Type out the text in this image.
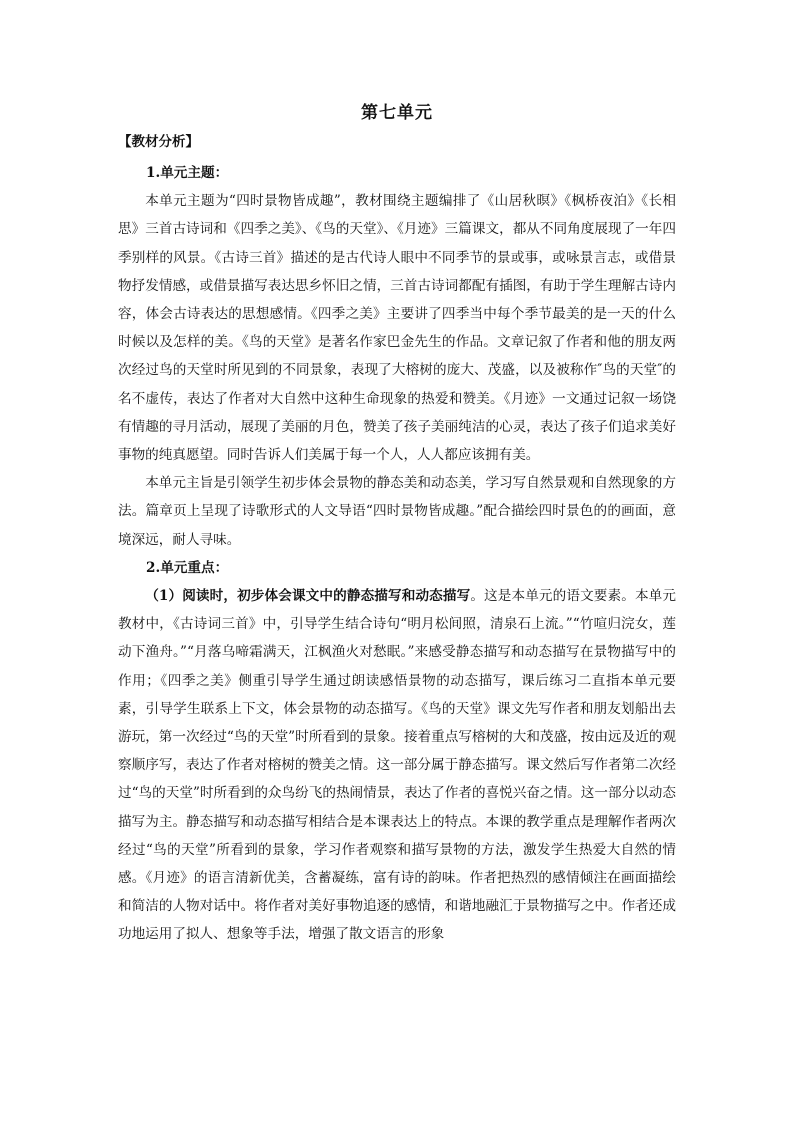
第七单元
【教材分析】

1.单元主题：

本单元主题为“四时景物皆成趣”，教材围绕主题编排了《山居秋暝》《枫桥夜泊》《长相思》三首古诗词和《四季之美》、《鸟的天堂》、《月迹》三篇课文，都从不同角度展现了一年四季别样的风景。《古诗三首》描述的是古代诗人眼中不同季节的景或事，或咏景言志，或借景物抒发情感，或借景描写表达思乡怀旧之情，三首古诗词都配有插图，有助于学生理解古诗内容，体会古诗表达的思想感情。《四季之美》主要讲了四季当中每个季节最美的是一天的什么时候以及怎样的美。《鸟的天堂》是著名作家巴金先生的作品。文章记叙了作者和他的朋友两次经过鸟的天堂时所见到的不同景象，表现了大榕树的庞大、茂盛，以及被称作″鸟的天堂″的名不虚传，表达了作者对大自然中这种生命现象的热爱和赞美。《月迹》一文通过记叙一场饶有情趣的寻月活动，展现了美丽的月色，赞美了孩子美丽纯洁的心灵，表达了孩子们追求美好事物的纯真愿望。同时告诉人们美属于每一个人，人人都应该拥有美。

本单元主旨是引领学生初步体会景物的静态美和动态美，学习写自然景观和自然现象的方法。篇章页上呈现了诗歌形式的人文导语“四时景物皆成趣。”配合描绘四时景色的的画面，意境深远，耐人寻味。

2.单元重点：

（1）阅读时，初步体会课文中的静态描写和动态描写。这是本单元的语文要素。本单元教材中，《古诗词三首》中，引导学生结合诗句“明月松间照，清泉石上流。”“竹喧归浣女，莲动下渔舟。”“月落乌啼霜满天，江枫渔火对愁眠。”来感受静态描写和动态描写在景物描写中的作用；《四季之美》侧重引导学生通过朗读感悟景物的动态描写，课后练习二直指本单元要素，引导学生联系上下文，体会景物的动态描写。《鸟的天堂》课文先写作者和朋友划船出去游玩，第一次经过“鸟的天堂”时所看到的景象。接着重点写榕树的大和茂盛，按由远及近的观察顺序写，表达了作者对榕树的赞美之情。这一部分属于静态描写。课文然后写作者第二次经过“鸟的天堂”时所看到的众鸟纷飞的热闹情景，表达了作者的喜悦兴奋之情。这一部分以动态描写为主。静态描写和动态描写相结合是本课表达上的特点。本课的教学重点是理解作者两次经过“鸟的天堂”所看到的景象，学习作者观察和描写景物的方法，激发学生热爱大自然的情感。《月迹》的语言清新优美，含蓄凝练，富有诗的韵味。作者把热烈的感情倾注在画面描绘和简洁的人物对话中。将作者对美好事物追逐的感情，和谐地融汇于景物描写之中。作者还成功地运用了拟人、想象等手法，增强了散文语言的形象
